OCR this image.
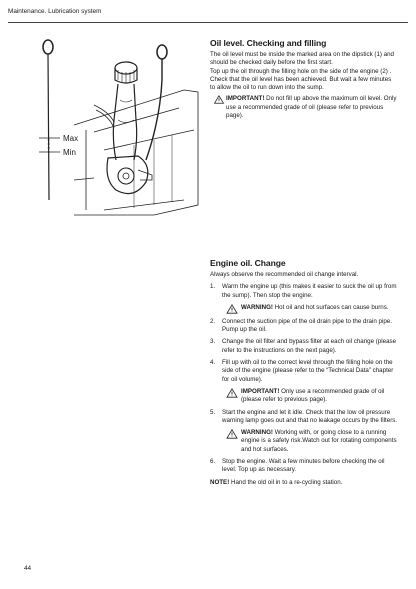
Maintenance. Lubrication system
Max
Min
Oil level. Checking and filling

The oil level must be inside the marked area on the dipstick (1) and should be checked daily before the first start.

Top up the oil through the filling hole on the side of the engine (2) . Check that the oil level has been achieved. But wait a few minutes to allow the oil to run down into the sump.

IMPORTANT! Do not fill up above the maximum oil level. Only use a recommended grade of oil (please refer to previous page).

Engine oil. Change

Always observe the recommended oil change interval.

1.	Warm the engine up (this makes it easier to suck the oil up from the sump). Then stop the engine.

WARNING! Hot oil and hot surfaces can cause burns.

2.	Connect the suction pipe of the oil drain pipe to the drain pipe. Pump up the oil.
3.	Change the oil filter and bypass filter at each oil change (please refer to the instructions on the next page).
4.	Fill up with oil to the correct level through the filling hole on the side of the engine (please refer to the “Technical Data” chapter for oil volume).

IMPORTANT! Only use a recommended grade of oil (please refer to previous page).

5.	Start the engine and let it idle. Check that the low oil pressure warning lamp goes out and that no leakage occurs by the filters.

WARNING! Working with, or going close to a running engine is a safety risk.Watch out for rotating components and hot surfaces.

6.	Stop the engine. Wait a few minutes before checking the oil level. Top up as necessary.

NOTE! Hand the old oil in to a re-cycling station.

44
